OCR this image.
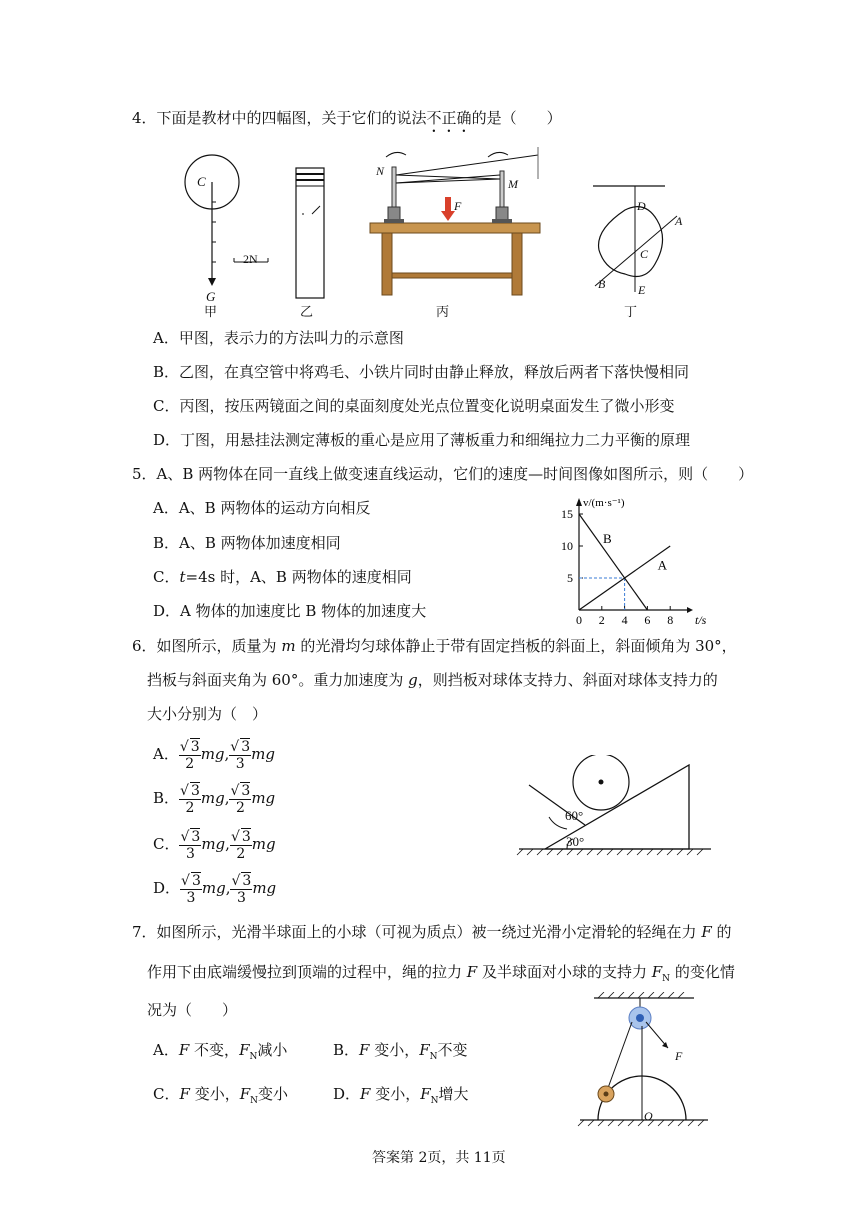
4．下面是教材中的四幅图，关于它们的说法不正确的是（　　）
C
G
2N
甲	乙
N
M
F
丙
D
A
C
B	E
丁
A．甲图，表示力的方法叫力的示意图
B．乙图，在真空管中将鸡毛、小铁片同时由静止释放，释放后两者下落快慢相同
C．丙图，按压两镜面之间的桌面刻度处光点位置变化说明桌面发生了微小形变
D．丁图，用悬挂法测定薄板的重心是应用了薄板重力和细绳拉力二力平衡的原理
5．A、B 两物体在同一直线上做变速直线运动，它们的速度—时间图像如图所示，则（　　）
A．A、B 两物体的运动方向相反
B．A、B 两物体加速度相同
C．t=4s 时，A、B 两物体的速度相同
D．A 物体的加速度比 B 物体的加速度大
5
10
15
0 2 4 6 8 t/s
v/(m·s⁻¹)
B
A
6．如图所示，质量为 m 的光滑均匀球体静止于带有固定挡板的斜面上，斜面倾角为 30°，
挡板与斜面夹角为 60°。重力加速度为 g，则挡板对球体支持力、斜面对球体支持力的
大小分别为（　）
A． $\frac{√ 3}{2}$ mg, $\frac{√ 3}{3}$ mg
B． $\frac{√ 3}{2}$ mg, $\frac{√ 3}{2}$ mg
C． $\frac{√ 3}{3}$ mg, $\frac{√ 3}{2}$ mg
D． $\frac{√ 3}{3}$ mg, $\frac{√ 3}{3}$ mg
60°
30°
7．如图所示，光滑半球面上的小球（可视为质点）被一绕过光滑小定滑轮的轻绳在力 F 的
作用下由底端缓慢拉到顶端的过程中，绳的拉力 F 及半球面对小球的支持力 $F_N$ 的变化情
况为（　　）
A．F 不变，$F_N$减小	B．F 变小，$F_N$不变
C．F 变小，$F_N$变小	D．F 变小，$F_N$增大
F
O
答案第 2页，共 11页
